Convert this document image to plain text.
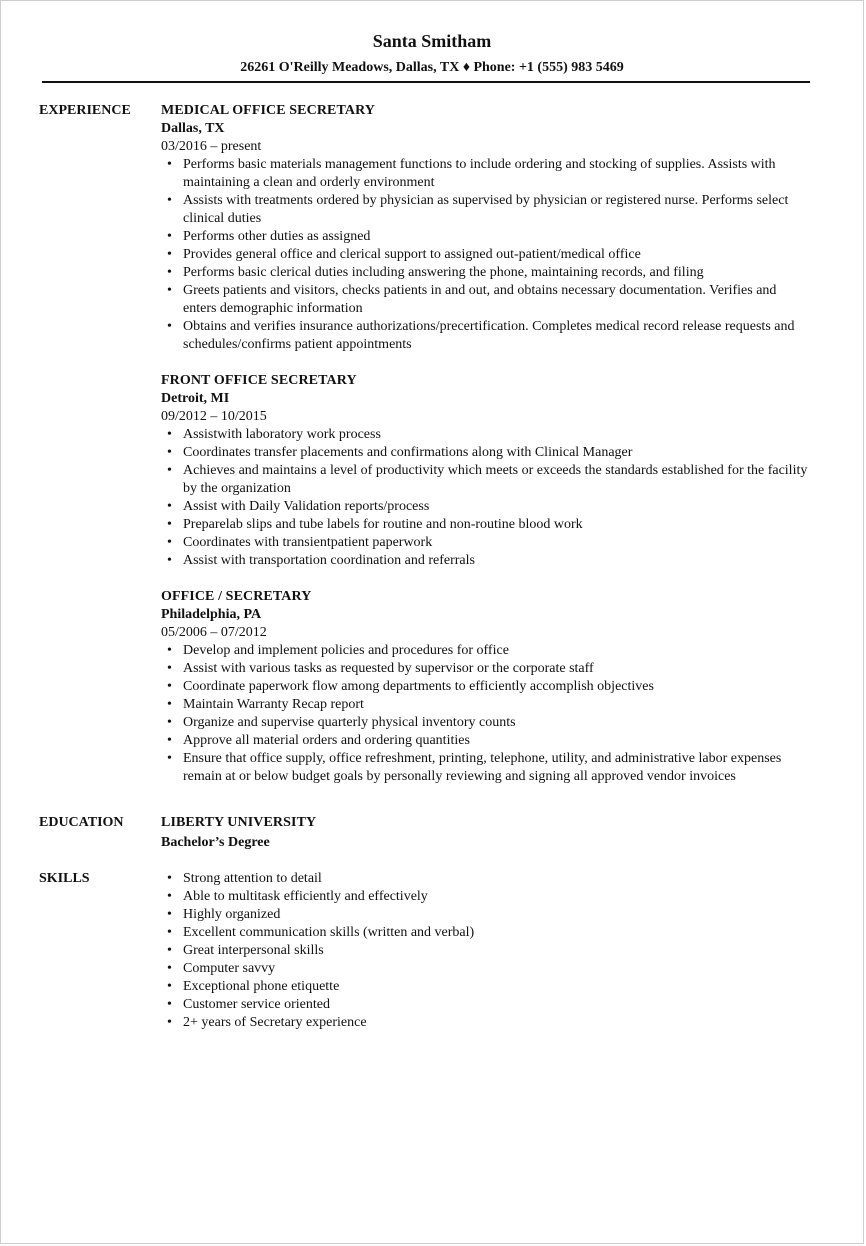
Santa Smitham
26261 O'Reilly Meadows, Dallas, TX ♦ Phone: +1 (555) 983 5469
EXPERIENCE	MEDICAL OFFICE SECRETARY
Dallas, TX
03/2016 – present
• Performs basic materials management functions to include ordering and stocking of supplies. Assists with maintaining a clean and orderly environment
• Assists with treatments ordered by physician as supervised by physician or registered nurse. Performs select clinical duties
• Performs other duties as assigned
• Provides general office and clerical support to assigned out-patient/medical office
• Performs basic clerical duties including answering the phone, maintaining records, and filing
• Greets patients and visitors, checks patients in and out, and obtains necessary documentation. Verifies and enters demographic information
• Obtains and verifies insurance authorizations/precertification. Completes medical record release requests and schedules/confirms patient appointments
FRONT OFFICE SECRETARY
Detroit, MI
09/2012 – 10/2015
• Assistwith laboratory work process
• Coordinates transfer placements and confirmations along with Clinical Manager
• Achieves and maintains a level of productivity which meets or exceeds the standards established for the facility by the organization
• Assist with Daily Validation reports/process
• Preparelab slips and tube labels for routine and non-routine blood work
• Coordinates with transientpatient paperwork
• Assist with transportation coordination and referrals
OFFICE / SECRETARY
Philadelphia, PA
05/2006 – 07/2012
• Develop and implement policies and procedures for office
• Assist with various tasks as requested by supervisor or the corporate staff
• Coordinate paperwork flow among departments to efficiently accomplish objectives
• Maintain Warranty Recap report
• Organize and supervise quarterly physical inventory counts
• Approve all material orders and ordering quantities
• Ensure that office supply, office refreshment, printing, telephone, utility, and administrative labor expenses remain at or below budget goals by personally reviewing and signing all approved vendor invoices
EDUCATION	LIBERTY UNIVERSITY
Bachelor’s Degree
SKILLS
•	Strong attention to detail
• Able to multitask efficiently and effectively
• Highly organized
• Excellent communication skills (written and verbal)
• Great interpersonal skills
• Computer savvy
• Exceptional phone etiquette
• Customer service oriented
• 2+ years of Secretary experience
